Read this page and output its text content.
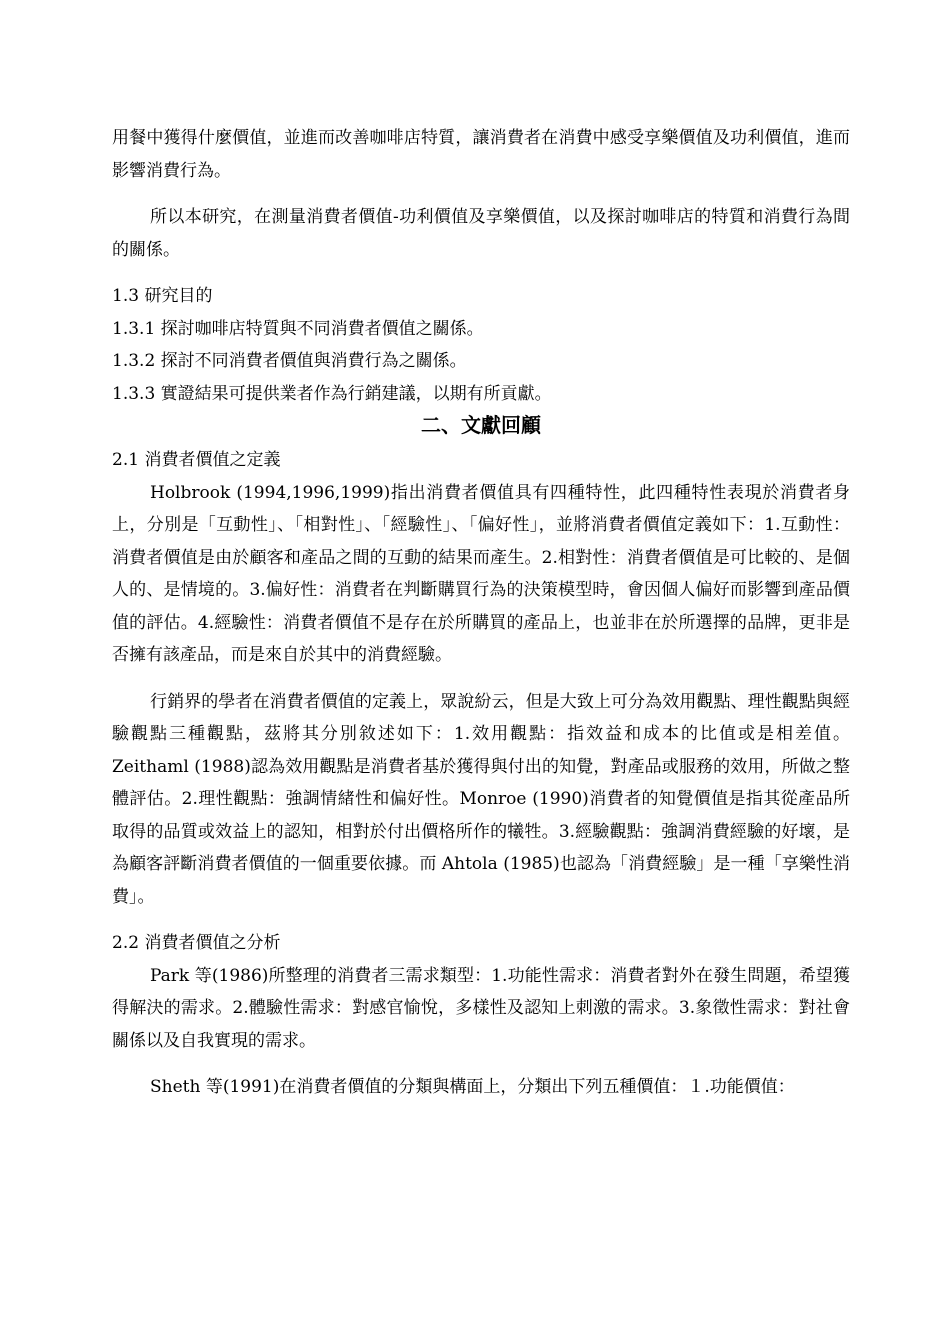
用餐中獲得什麼價值，並進而改善咖啡店特質，讓消費者在消費中感受享樂價值及功利價值，進而影響消費行為。

所以本研究，在測量消費者價值-功利價值及享樂價值，以及探討咖啡店的特質和消費行為間的關係。

1.3 研究目的

1.3.1 探討咖啡店特質與不同消費者價值之關係。

1.3.2 探討不同消費者價值與消費行為之關係。

1.3.3 實證結果可提供業者作為行銷建議，以期有所貢獻。

二、文獻回顧

2.1 消費者價值之定義

Holbrook (1994,1996,1999)指出消費者價值具有四種特性，此四種特性表現於消費者身上，分別是「互動性」、「相對性」、「經驗性」、「偏好性」，並將消費者價值定義如下：1.互動性：消費者價值是由於顧客和產品之間的互動的結果而產生。2.相對性：消費者價值是可比較的、是個人的、是情境的。3.偏好性：消費者在判斷購買行為的決策模型時，會因個人偏好而影響到產品價值的評估。4.經驗性：消費者價值不是存在於所購買的產品上，也並非在於所選擇的品牌，更非是否擁有該產品，而是來自於其中的消費經驗。

行銷界的學者在消費者價值的定義上，眾說紛云，但是大致上可分為效用觀點、理性觀點與經驗觀點三種觀點，茲將其分別敘述如下：1.效用觀點：指效益和成本的比值或是相差值。Zeithaml (1988)認為效用觀點是消費者基於獲得與付出的知覺，對產品或服務的效用，所做之整體評估。2.理性觀點：強調情緒性和偏好性。Monroe (1990)消費者的知覺價值是指其從產品所取得的品質或效益上的認知，相對於付出價格所作的犧牲。3.經驗觀點：強調消費經驗的好壞，是為顧客評斷消費者價值的一個重要依據。而 Ahtola (1985)也認為「消費經驗」是一種「享樂性消費」。

2.2 消費者價值之分析

Park 等(1986)所整理的消費者三需求類型：1.功能性需求：消費者對外在發生問題，希望獲得解決的需求。2.體驗性需求：對感官愉悅，多樣性及認知上刺激的需求。3.象徵性需求：對社會關係以及自我實現的需求。

Sheth 等(1991)在消費者價值的分類與構面上，分類出下列五種價值：１.功能價值：
